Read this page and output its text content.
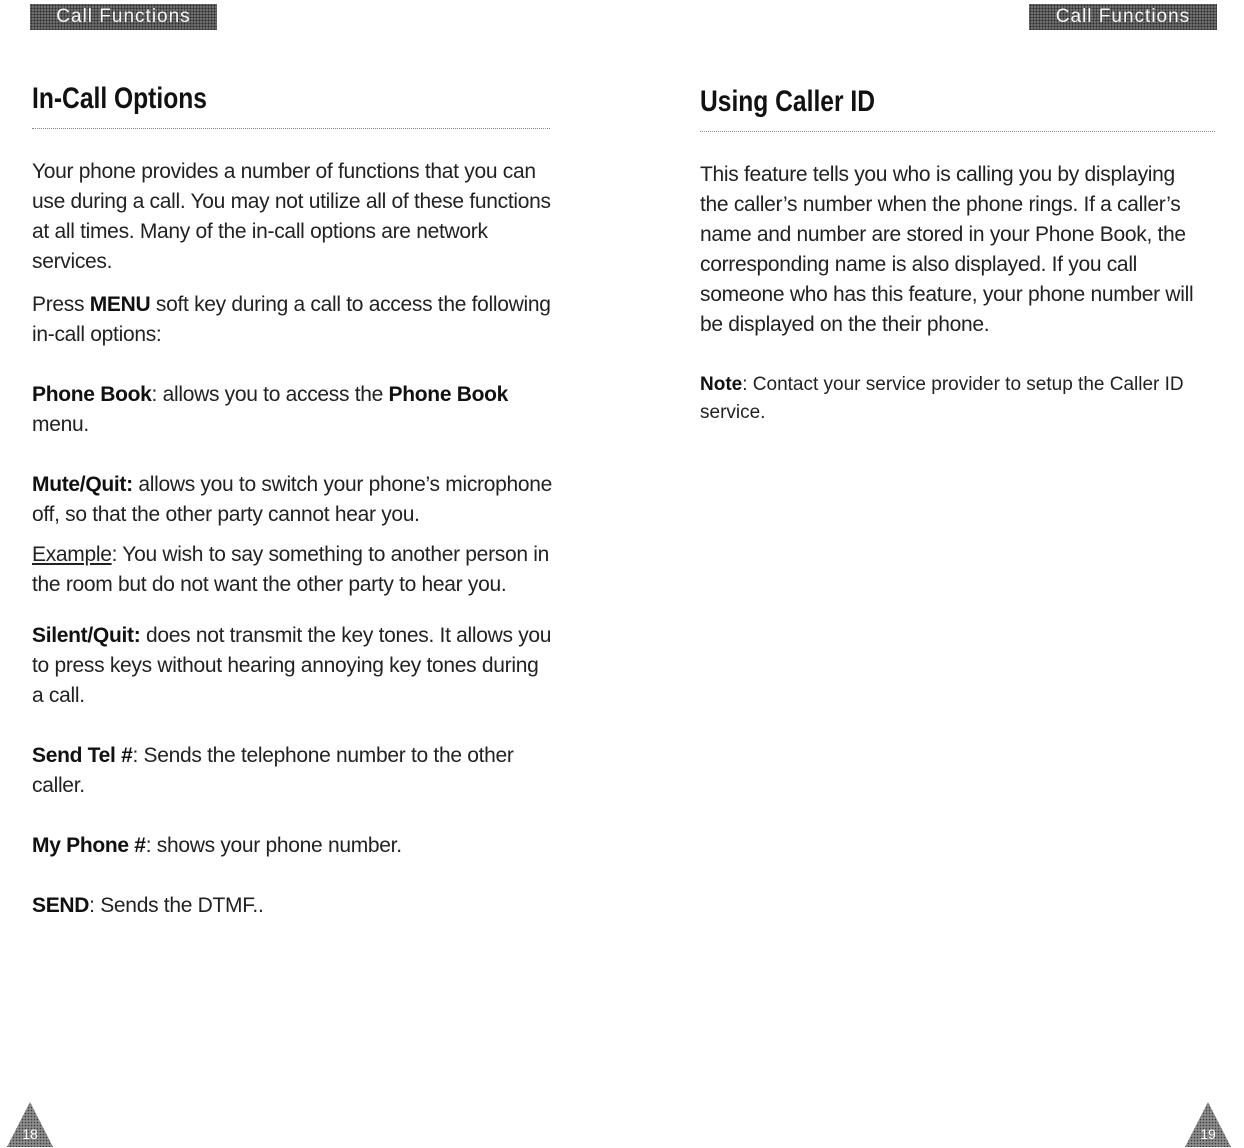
Call Functions	Call Functions
In-Call Options

Your phone provides a number of functions that you can use during a call. You may not utilize all of these functions at all times. Many of the in-call options are network services.

Press MENU soft key during a call to access the following in-call options:

Phone Book: allows you to access the Phone Book menu.

Mute/Quit: allows you to switch your phone’s microphone off, so that the other party cannot hear you.

Example: You wish to say something to another person in the room but do not want the other party to hear you.

Silent/Quit: does not transmit the key tones. It allows you to press keys without hearing annoying key tones during a call.

Send Tel #: Sends the telephone number to the other caller.

My Phone #: shows your phone number.

SEND: Sends the DTMF..

Using Caller ID

This feature tells you who is calling you by displaying the caller’s number when the phone rings. If a caller’s name and number are stored in your Phone Book, the corresponding name is also displayed. If you call someone who has this feature, your phone number will be displayed on the their phone.

Note: Contact your service provider to setup the Caller ID service.

18	19
